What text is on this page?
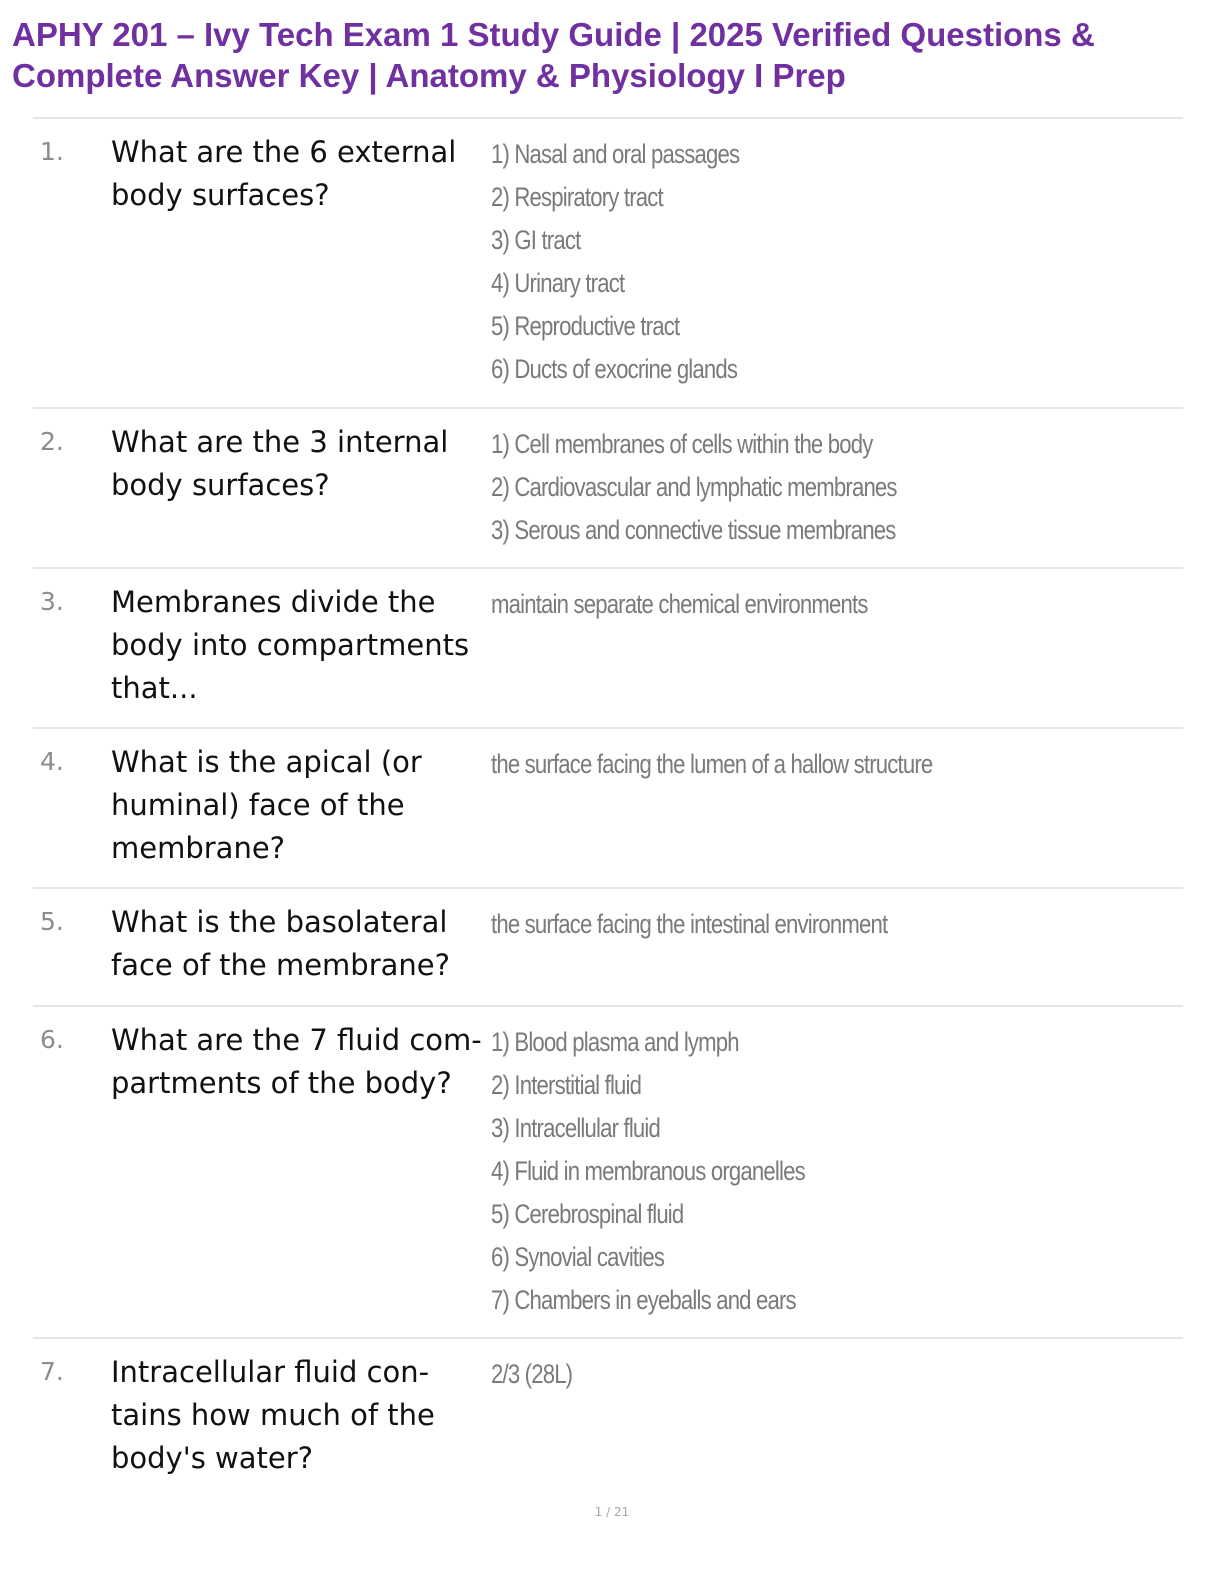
APHY 201 – Ivy Tech Exam 1 Study Guide | 2025 Verified Questions & Complete Answer Key | Anatomy & Physiology I Prep
1. What are the 6 external body surfaces?
1) Nasal and oral passages
2) Respiratory tract
3) GI tract
4) Urinary tract
5) Reproductive tract
6) Ducts of exocrine glands
2. What are the 3 internal body surfaces?
1) Cell membranes of cells within the body
2) Cardiovascular and lymphatic membranes
3) Serous and connective tissue membranes
3. Membranes divide the body into compartments that...
maintain separate chemical environments
4. What is the apical (or huminal) face of the membrane?
the surface facing the lumen of a hallow structure
5. What is the basolateral face of the membrane?
the surface facing the intestinal environment
6. What are the 7 fluid com-partments of the body?
1) Blood plasma and lymph
2) Interstitial fluid
3) Intracellular fluid
4) Fluid in membranous organelles
5) Cerebrospinal fluid
6) Synovial cavities
7) Chambers in eyeballs and ears
7. Intracellular fluid con-tains how much of the body's water?
2/3 (28L)
1 / 21
